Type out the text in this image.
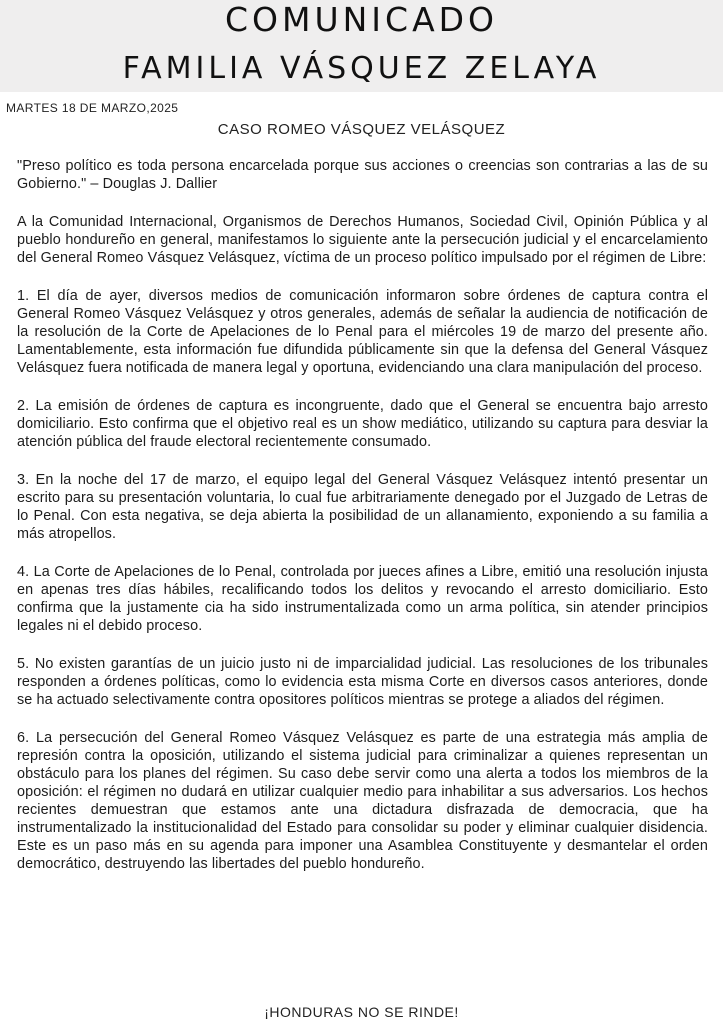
COMUNICADO
FAMILIA VÁSQUEZ ZELAYA
MARTES 18 DE MARZO,2025
CASO ROMEO VÁSQUEZ VELÁSQUEZ

"Preso político es toda persona encarcelada porque sus acciones o creencias son contrarias a las de su Gobierno." – Douglas J. Dallier

A la Comunidad Internacional, Organismos de Derechos Humanos, Sociedad Civil, Opinión Pública y al pueblo hondureño en general, manifestamos lo siguiente ante la persecución judicial y el encarcelamiento del General Romeo Vásquez Velásquez, víctima de un proceso político impulsado por el régimen de Libre:

1. El día de ayer, diversos medios de comunicación informaron sobre órdenes de captura contra el General Romeo Vásquez Velásquez y otros generales, además de señalar la audiencia de notificación de la resolución de la Corte de Apelaciones de lo Penal para el miércoles 19 de marzo del presente año. Lamentablemente, esta información fue difundida públicamente sin que la defensa del General Vásquez Velásquez fuera notificada de manera legal y oportuna, evidenciando una clara manipulación del proceso.

2. La emisión de órdenes de captura es incongruente, dado que el General se encuentra bajo arresto domiciliario. Esto confirma que el objetivo real es un show mediático, utilizando su captura para desviar la atención pública del fraude electoral recientemente consumado.

3. En la noche del 17 de marzo, el equipo legal del General Vásquez Velásquez intentó presentar un escrito para su presentación voluntaria, lo cual fue arbitrariamente denegado por el Juzgado de Letras de lo Penal. Con esta negativa, se deja abierta la posibilidad de un allanamiento, exponiendo a su familia a más atropellos.

4. La Corte de Apelaciones de lo Penal, controlada por jueces afines a Libre, emitió una resolución injusta en apenas tres días hábiles, recalificando todos los delitos y revocando el arresto domiciliario. Esto confirma que la justamente cia ha sido instrumentalizada como un arma política, sin atender principios legales ni el debido proceso.

5. No existen garantías de un juicio justo ni de imparcialidad judicial. Las resoluciones de los tribunales responden a órdenes políticas, como lo evidencia esta misma Corte en diversos casos anteriores, donde se ha actuado selectivamente contra opositores políticos mientras se protege a aliados del régimen.

6. La persecución del General Romeo Vásquez Velásquez es parte de una estrategia más amplia de represión contra la oposición, utilizando el sistema judicial para criminalizar a quienes representan un obstáculo para los planes del régimen. Su caso debe servir como una alerta a todos los miembros de la oposición: el régimen no dudará en utilizar cualquier medio para inhabilitar a sus adversarios. Los hechos recientes demuestran que estamos ante una dictadura disfrazada de democracia, que ha instrumentalizado la institucionalidad del Estado para consolidar su poder y eliminar cualquier disidencia. Este es un paso más en su agenda para imponer una Asamblea Constituyente y desmantelar el orden democrático, destruyendo las libertades del pueblo hondureño.

¡HONDURAS NO SE RINDE!
